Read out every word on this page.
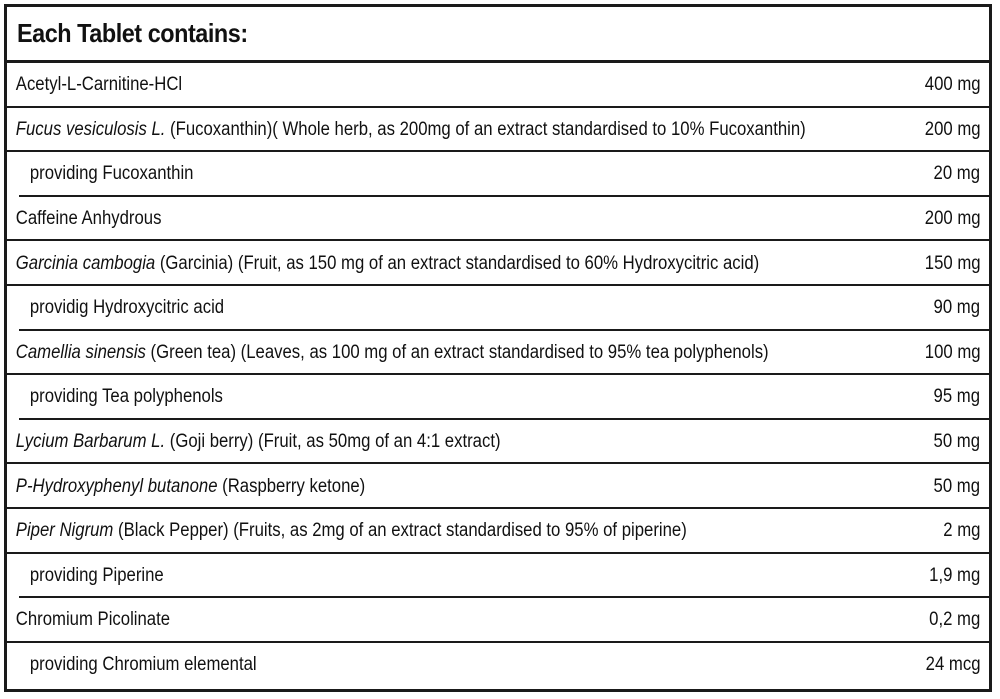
Each Tablet contains:
Acetyl-L-Carnitine-HCl	400 mg
Fucus vesiculosis L. (Fucoxanthin)( Whole herb, as 200mg of an extract standardised to 10% Fucoxanthin)	200 mg
providing Fucoxanthin	20 mg
Caffeine Anhydrous	200 mg
Garcinia cambogia (Garcinia) (Fruit, as 150 mg of an extract standardised to 60% Hydroxycitric acid)	150 mg
providig Hydroxycitric acid	90 mg
Camellia sinensis (Green tea) (Leaves, as 100 mg of an extract standardised to 95% tea polyphenols)	100 mg
providing Tea polyphenols	95 mg
Lycium Barbarum L. (Goji berry) (Fruit, as 50mg of an 4:1 extract)	50 mg
P-Hydroxyphenyl butanone (Raspberry ketone)	50 mg
Piper Nigrum (Black Pepper) (Fruits, as 2mg of an extract standardised to 95% of piperine)	2 mg
providing Piperine	1,9 mg
Chromium Picolinate	0,2 mg
providing Chromium elemental	24 mcg
